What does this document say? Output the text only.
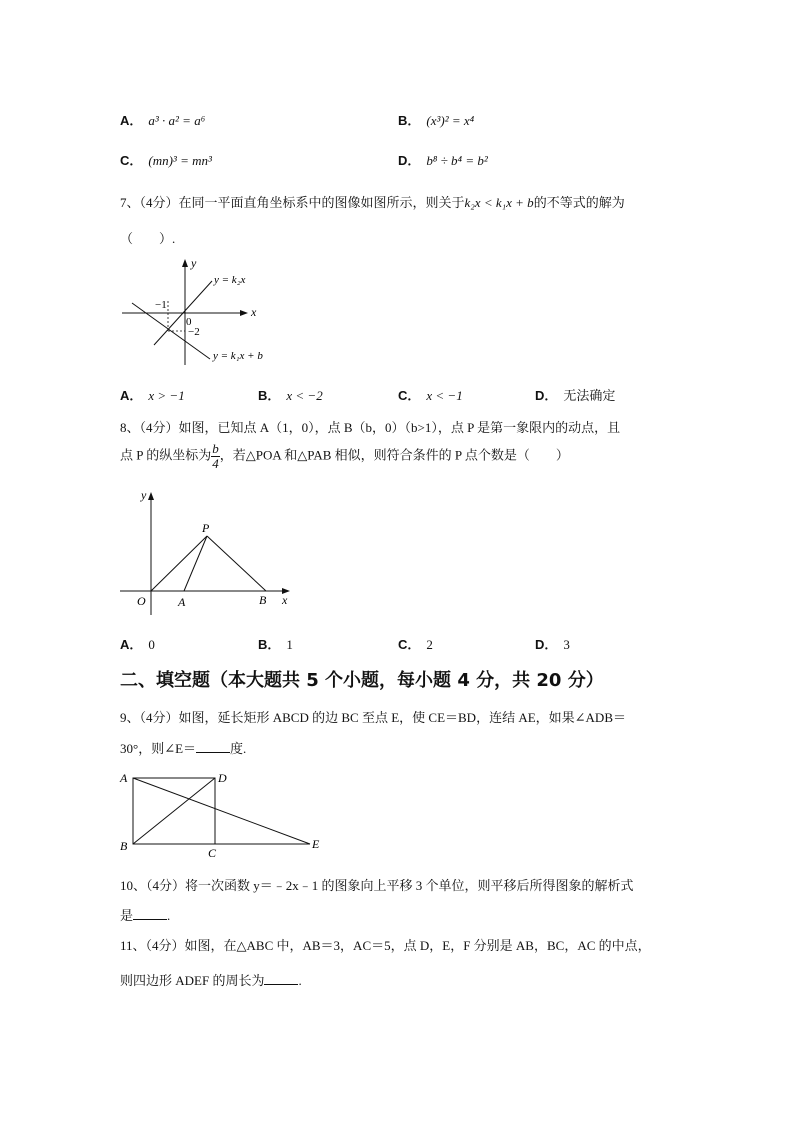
A． a³ · a² = a⁶	B． (x³)² = x⁴
C． (mn)³ = mn³	D． b⁸ ÷ b⁴ = b²
7、（4分）在同一平面直角坐标系中的图像如图所示，则关于k₂x < k₁x + b的不等式的解为
（　　）.
y
x
0
−1
−2
y = k₂x
y = k₁x + b
A． x > −1	B． x < −2	C． x < −1	D． 无法确定
8、（4分）如图，已知点 A（1，0），点 B（b，0）（b>1），点 P 是第一象限内的动点，且
点 P 的纵坐标为 $\frac{b}{4}$ ，若△POA 和△PAB 相似，则符合条件的 P 点个数是（　　）
y
x
O	A	B
P
A． 0	B． 1	C． 2	D． 3
二、填空题（本大题共 5 个小题，每小题 4 分，共 20 分）
9、（4分）如图，延长矩形 ABCD 的边 BC 至点 E，使 CE＝BD，连结 AE，如果∠ADB＝
30°，则∠E＝	度.
A	D
B	C
E
10、（4分）将一次函数 y＝﹣2x﹣1 的图象向上平移 3 个单位，则平移后所得图象的解析式
是	.
11、（4分）如图，在△ABC 中，AB＝3，AC＝5，点 D，E，F 分别是 AB，BC，AC 的中点，
则四边形 ADEF 的周长为	.
